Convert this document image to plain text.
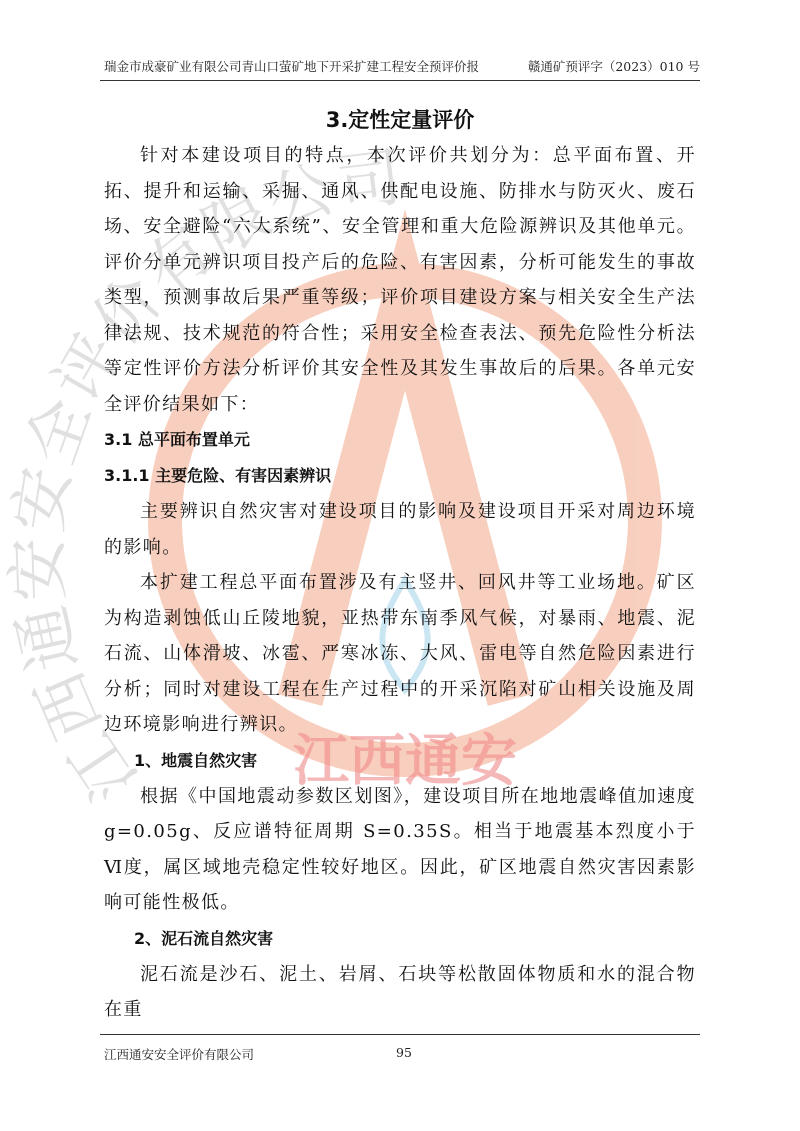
瑞金市成豪矿业有限公司青山口萤矿地下开采扩建工程安全预评价报	赣通矿预评字（2023）010 号
江西通安安全评价有限公司
江西通安
3.定性定量评价

针对本建设项目的特点，本次评价共划分为：总平面布置、开拓、提升和运输、采掘、通风、供配电设施、防排水与防灭火、废石场、安全避险“六大系统”、安全管理和重大危险源辨识及其他单元。评价分单元辨识项目投产后的危险、有害因素，分析可能发生的事故类型，预测事故后果严重等级；评价项目建设方案与相关安全生产法律法规、技术规范的符合性；采用安全检查表法、预先危险性分析法等定性评价方法分析评价其安全性及其发生事故后的后果。各单元安全评价结果如下：

3.1 总平面布置单元

3.1.1 主要危险、有害因素辨识

主要辨识自然灾害对建设项目的影响及建设项目开采对周边环境的影响。

本扩建工程总平面布置涉及有主竖井、回风井等工业场地。矿区为构造剥蚀低山丘陵地貌，亚热带东南季风气候，对暴雨、地震、泥石流、山体滑坡、冰雹、严寒冰冻、大风、雷电等自然危险因素进行分析；同时对建设工程在生产过程中的开采沉陷对矿山相关设施及周边环境影响进行辨识。

1、地震自然灾害

根据《中国地震动参数区划图》，建设项目所在地地震峰值加速度g=0.05g、反应谱特征周期 S=0.35S。相当于地震基本烈度小于Ⅵ度，属区域地壳稳定性较好地区。因此，矿区地震自然灾害因素影响可能性极低。

2、泥石流自然灾害

泥石流是沙石、泥土、岩屑、石块等松散固体物质和水的混合物在重

江西通安安全评价有限公司	95
